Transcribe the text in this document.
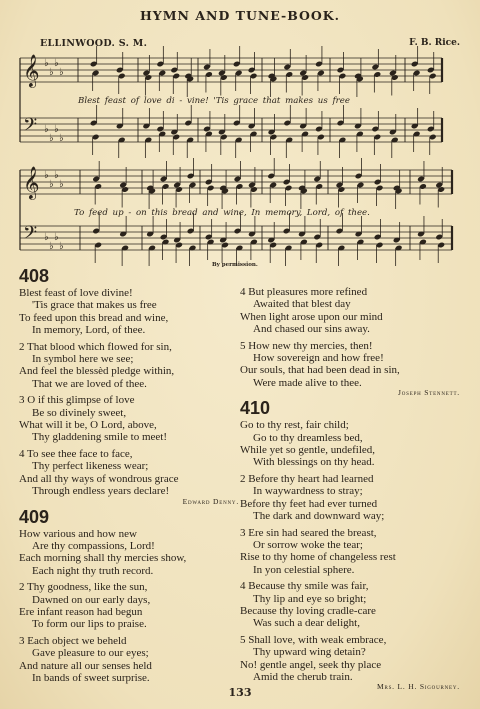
HYMN AND TUNE-BOOK.
ELLINWOOD. S. M.	F. B. Rice.
𝄞
𝄢
♭
♭
♭
♭
♭
♭
♭
♭
𝄞
𝄢
♭
♭
♭
♭
♭
♭
♭
♭
Blest feast of love di - vine! 'Tis grace that makes us free
To feed up - on this bread and wine, In memory, Lord, of thee.
By permission.
408
Blest feast of love divine!
'Tis grace that makes us free
To feed upon this bread and wine,
In memory, Lord, of thee.
2 That blood which flowed for sin,
In symbol here we see;
And feel the blessèd pledge within,
That we are loved of thee.
3 O if this glimpse of love
Be so divinely sweet,
What will it be, O Lord, above,
Thy gladdening smile to meet!
4 To see thee face to face,
Thy perfect likeness wear;
And all thy ways of wondrous grace
Through endless years declare!
Edward Denny.
409
How various and how new
Are thy compassions, Lord!
Each morning shall thy mercies show,
Each night thy truth record.
2 Thy goodness, like the sun,
Dawned on our early days,
Ere infant reason had begun
To form our lips to praise.
3 Each object we beheld
Gave pleasure to our eyes;
And nature all our senses held
In bands of sweet surprise.
4 But pleasures more refined
Awaited that blest day
When light arose upon our mind
And chased our sins away.
5 How new thy mercies, then!
How sovereign and how free!
Our souls, that had been dead in sin,
Were made alive to thee.
Joseph Stennett.
410
Go to thy rest, fair child;
Go to thy dreamless bed,
While yet so gentle, undefiled,
With blessings on thy head.
2 Before thy heart had learned
In waywardness to stray;
Before thy feet had ever turned
The dark and downward way;
3 Ere sin had seared the breast,
Or sorrow woke the tear;
Rise to thy home of changeless rest
In yon celestial sphere.
4 Because thy smile was fair,
Thy lip and eye so bright;
Because thy loving cradle-care
Was such a dear delight,
5 Shall love, with weak embrace,
Thy upward wing detain?
No! gentle angel, seek thy place
Amid the cherub train.
Mrs. L. H. Sigourney.
133
